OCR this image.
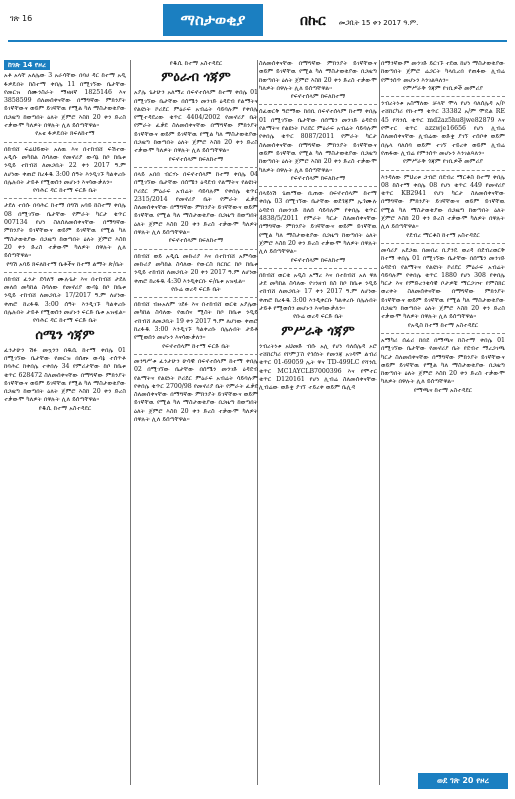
ገጽ 16	ማስታወቂያ	በኩር መጋቢት 15 ቀን 2017 ዓ.ም.
ከገጽ 14 የዞረ

አቶ አላቸ አለሌው 3 አራሳቸው በባሀ ዳር ከተማ አዲ ፋዎዴበት ከስተማ ቀበሌ 11 በሚገኘው ቤታቸው የመርዝ ሰሙንስራት ማዛዘኛ 1825146 እና 3858599 ሰለመሰቀናቸው በማግኛው ምክንያት ይገኛቸውና ወይም ይገኛቸዉ የሚል ካለ ማስታወቂያው በጋዜጣ ከወጣበት ዕለት ጀምሮ እስከ 20 ቀን ድረስ ተቃውሞ ካለዎት በዋሉት ሊለ ይሰጣቸዋል።

የአቴ ፋዎዴበት ክፍለከተማ

በከብሸ ፍሬህይወት አለዉ እና በተከብሸ ፍሽተው አዲሱ መካከል ስሳለው የመኖሪያ ውሳኔ ከቦ ከቤቱ ንዲይ ተከብሸ ለመጋቢት 22 ቀን 2017 ዓ.ም ለሆነው ቀጠሮ ከረፋዱ 3:00 ሰዓት እንዲገኙ ካልቀረቡ በሌሉበት ታይቶ የሚወሰን መሆኑን እናሳውቃለን።

የባሕር ዳር ከተማ ፍርድ ቤት

ታደለ ተበሱ በባሕር ከተማ በግሽ አባይ ከስተማ ቀበሌ 08 በሚገኘው ቤታቸው የምራት ካርታ ቁጥር 007134 የሆነ ስለሰለመሰቀናቸው በማግኛው ምክንያት ይገኛቸውና ወይም ይገኛቸዉ የሚል ካለ ማስታወቂያው በጋዜጣ ከወጣበት ዕለት ጀምሮ እስከ 20 ቀን ድረስ ተቃውሞ ካለዎት በዋሉት ሊለ ይሰጣቸዋል።

የግሽ አባይ ክፍለከተማ ቤቶችና ከተማ ልማት ጽ/ቤት

በከብሸ ፈንታ ደሳለኝ ሙሉጌታ እና በተከብሸ ታደለ መለሰ መካከል ስሳለው የመኖሪያ ውሳኔ ከቦ ከቤቱ ንዲይ ተከብሸ ለመጋቢት 17/2017 ዓ.ም ለሆነው ቀጠሮ ከረፋዱ 3:00 ሰዓት እንዲገኙ ካልቀረቡ በሌሉበት ታይቶ የሚወሰን መሆኑን ፍርድ ቤቱ አዝዟል።

የባሕር ዳር ከተማ ፍርድ ቤት

ሰሜን ጎጃም

ፈንታሁን ሽፉ መኳንን በዱሲ ከተማ ቀበሌ 01 በሚገኘው ቤታቸው የመርዝ በሰጡ ውሳኔ ተሰጥቶ ከባሕር ከቀበሌ ተቀበሉ 34 የምሪታቸው ከቦ ከቤቱ ቁጥር 628472 ስለመሰቀናቸው በማግኛው ምክንያት ይገኛቸውና ወይም ይገኛቸዉ የሚል ካለ ማስታወቂያው በጋዜጣ ከወጣበት ዕለት ጀምሮ እስከ 20 ቀን ድረስ ተቃውሞ ካለዎት በዋሉት ሊለ ይሰጣቸዋል።

የዱሲ ከተማ አስተዳደር

የዱሲ ከተማ አስተዳደር

ምዕራብ ጎጃም

አያሌ ጌታሁን አለማረ በፍኖተሰላም ከተማ ቀበሌ 01 በሚገኘው ቤታቸው በሰሜን መንገድ ዕዳደብ የልማትና የልዩነት ኮሪደር ምዕራፍ አብሬት ሳይባሉም የቀበሌ የሚተዳደረው ቁጥር 4404/2002 የመኖሪያ ቤት የምራት ፈቃደ ስለመሰቀናቸው በማግኛው ምክንያት ይገኛቸውና ወይም ይገኛቸዉ የሚል ካለ ማስታወቂያው በጋዜጣ ከወጣበት ዕለት ጀምሮ እስከ 20 ቀን ድረስ ተቃውሞ ካለዎት በዋሉት ሊለ ይሰጣቸዋል።

የፍኖተሰላም ክፍለከተማ

በላይ አበበ ብርሃኑ በፍኖተሰላም ከተማ ቀበሌ 04 በሚገኘው ቤታቸው በሰሜን ዕዳደብ የልማትና የልዩነት ኮሪደር ምዕራፍ አብሬት ሳይባሉም የቀበሌ ቁጥር 2315/2014 የመኖሪያ ቤት የምራት ፈቃደ ስለመሰቀናቸው በማግኛው ምክንያት ይገኛቸውና ወይም ይገኛቸዉ የሚል ካለ ማስታወቂያው በጋዜጣ ከወጣበት ዕለት ጀምሮ እስከ 20 ቀን ድረስ ተቃውሞ ካለዎት በዋሉት ሊለ ይሰጣቸዋል።

የፍኖተሰላም ክፍለከተማ

በከብሸ ወይ አዲሴ መኩሪያ እና በተከብሸ አምሳው መኩሪያ መካከል ስሳለው የውርስ ክርክር ከቦ ከቤቱ ንዲይ ተከብሸ ለመጋቢት 20 ቀን 2017 ዓ.ም ለሆነው ቀጠሮ ከረፋዱ 4:30 እንዲቀርቡ ፍ/ቤቱ አዝዟል።

የቡሬ ወረዳ ፍርድ ቤት

በከብሸ ብዙአለም ገደፉ እና በተከብሸ ወርቁ አያሌው መካከል ስሳለው የዉሰና ሚስት ከቦ ከቤቱ ንዲይ ተከብሸ ለመጋቢት 19 ቀን 2017 ዓ.ም ለሆነው ቀጠሮ ከረፋዱ 3:00 እንዲገኙ ካልቀረቡ በሌሉበት ታይቶ የሚወሰን መሆኑን እናሳውቃለን።

የፍኖተሰላም ከተማ ፍርድ ቤት

መንግሥቱ ፈንታሁን ሁሳዊ በፍኖተሰላም ከተማ ቀበሌ 02 በሚገኘው ቤታቸው በሰሜን መንገድ ዕዳደብ የልማትና የልዩነት ኮሪደር ምዕራፍ አብሬት ሳይባሉም የቀበሌ ቁጥር 2700/98 የመኖሪያ ቤት የምራት ፈቃደ ስለመሰቀናቸው በማግኛው ምክንያት ይገኛቸውና ወይም ይገኛቸዉ የሚል ካለ ማስታወቂያው በጋዜጣ ከወጣበት ዕለት ጀምሮ እስከ 20 ቀን ድረስ ተቃውሞ ካለዎት በዋሉት ሊለ ይሰጣቸዋል።

ስለመሰቀናቸው በማግኛው ምክንያት ይገኛቸውና ወይም ይገኛቸዉ የሚል ካለ ማስታወቂያው በጋዜጣ ከወጣበት ዕለት ጀምሮ እስከ 20 ቀን ድረስ ተቃውሞ ካለዎት በዋሉት ሊለ ይሰጣቸዋል።

የፍኖተሰላም ክፍለከተማ

ሰፈወርቅ ዓሮማው ከበቢ በፍኖተሰላም ከተማ ቀበሌ 01 በሚገኘው ቤታቸው በሰሜን መንገድ ዕዳደብ የልማትና የልዩነት ኮሪደር ምዕራፍ አብሬት ሳይባሉም የቀበሌ ቁጥር 8087/2011 የምራት ካርታ ስለመሰቀናቸው በማግኛው ምክንያት ይገኛቸውና ወይም ይገኛቸዉ የሚል ካለ ማስታወቂያው በጋዜጣ ከወጣበት ዕለት ጀምሮ እስከ 20 ቀን ድረስ ተቃውሞ ካለዎት በዋሉት ሊለ ይሰጣቸዋል።

የፍኖተሰላም ክፍለከተማ

በላይነሽ ጌጠማው ቢጠው በፍኖተሰላም ከተማ ቀበሌ 03 በሚገኘው ቤታቸው ወደጎጃም ኢጎሙሉ ዕዳደብ በመንገድ ከለሰ ሳይባሉም የቀበሌ ቁጥር 4838/5/2011 የምራት ካርታ ስለመሰቀናቸው በማግኛው ምክንያት ይገኛቸውና ወይም ይገኛቸዉ የሚል ካለ ማስታወቂያው በጋዜጣ ከወጣበት ዕለት ጀምሮ እስከ 20 ቀን ድረስ ተቃውሞ ካለዎት በዋሉት ሊለ ይሰጣቸዋል።

የፍኖተሰላም ክፍለከተማ

በከብሸ ወርቁ አዲስ አማረ እና በተከብሸ አለ ዋለ ታደ መካከል ስሳለው የገንዘብ ክስ ከቦ ከቤቱ ንዲይ ተከብሸ ለመጋቢት 17 ቀን 2017 ዓ.ም ለሆነው ቀጠሮ ከረፋዱ 3:00 እንዲቀርቡ ካልቀረቡ በሌሉበት ታይቶ የሚወሰን መሆኑን እናሳውቃለን።

የቡሬ ወረዳ ፍርድ ቤት

ምሥራቅ ጎጃም

ንብረትነቱ አህመድ ብሱ አሊ የሆነ ባለሰሌዳ ኦሮ ተሸከርካሪ የኮምፓስ የጎሰነት የመንጃ አገዳሞ ልብሪ ቁጥር 01-69059 ኢት ዋና TD-499LC የሻንሲ ቁጥር MC1AYCLB7000396 እና የሞተር ቁጥር D120161 የሆነ ሊብሬ ስለመሰቀናቸው ሊብሬው ወድቋ ያገኘ ተይረቀ ወይም ቤሊዳ

በማንኛውም መንገድ ይርገኙ ተደዉ ከሆነ ማስታወቂያው ከወጣበት ጀምሮ ሬጋርት ካላቢረበ የጠፋው ሊብሬ የምንሰጥ መሆኑን እንገልጻለን።

የምሥራቅ ጎጃም የገቢዎች መምሪያ

ንብረትነቱ አስማለው ቻላቸ ሞላ የሆነ ባለሰሌዳ አ/ኮ ተሸከርካሪ የኩተማ ቁጥር 33382 አ/ም ሞዴል RE 45 የሻንሲ ቁጥር md2az5hu8jwe82879 እና የሞተር ቁጥር azzwje16656 የሆነ ሊብሬ ስለመሰቀናቸው ሊብሬው ወድቋ ያገኘ ተሰቦቀ ወይም በሌላ ባለሰባ ወይም ተገኘ ተይረቀ ወይም ሊብሬ የጠፋው ሊብሬ የምንሰጥ መሆኑን እንገልጻለን።

የምሥራቅ ጎጃም የገቢዎች መምሪያ

እንዳለው ምህረቱ ጋብሮ በደብረ ማርቆስ ከተማ ቀበሌ 08 ከስተማ ቀበሌ 08 የሆነ ቁጥር 449 የመኖሪያ ቁጥር KB2941 የሆነ ካርታ ስለመሰቀናቸው በማግኛው ምክንያት ይገኛቸውና ወይም ይገኛቸዉ የሚል ካለ ማስታወቂያው በጋዜጣ ከወጣበት ዕለት ጀምሮ እስከ 20 ቀን ድረስ ተቃውሞ ካለዎት በዋሉት ሊለ ይሰጣቸዋል።

የደብረ ማርቆስ ከተማ አስተዳደር

መሳሪያ አደጋዉ በመበረ ቢያንዴ ወረዳ በደብረወርቅ ከተማ ቀበሌ 01 በሚገኘው ቤታቸው በሰሜን መንገድ ዕዳደብ የልማትና የልዩነት ኮሪደር ምዕራፍ አብሬት ሳይባሉም የቀበሌ ቁጥር 1880 የሆነ 308 የቀበሌ ካርታ እና የምድረንቁሳዊ ቦታዎቹ ማርጋገዣ የምስክር ወረቀት ስለመሰቀናቸው በማግኛው ምክንያት ይገኛቸውና ወይም ይገኛቸዉ የሚል ካለ ማስታወቂያው በጋዜጣ ከወጣበት ዕለት ጀምሮ እስከ 20 ቀን ድረስ ተቃውሞ ካለዎት በዋሉት ሊለ ይሰጣቸዋል።

የአዲስ ከተማ ከተማ አስተዳደር

አማካሪ ሰፊሪ ከበደ በማጫና ከስተማ ቀበሌ 01 በሚገኘው ቤታቸው የመኖሪያ ቤት የደብተ ማረጋገጫ ካርታ ስለመሰቀናቸው በማግኛው ምክንያት ይገኛቸውና ወይም ይገኛቸዉ የሚል ካለ ማስታወቂያው በጋዜጣ ከወጣበት ዕለት ጀምሮ እስከ 20 ቀን ድረስ ተቃውሞ ካለዎት በዋሉት ሊለ ይሰጣቸዋል።

የማጫና ከተማ አስተዳደር

ወደ ገጽ 20 የዞረ
